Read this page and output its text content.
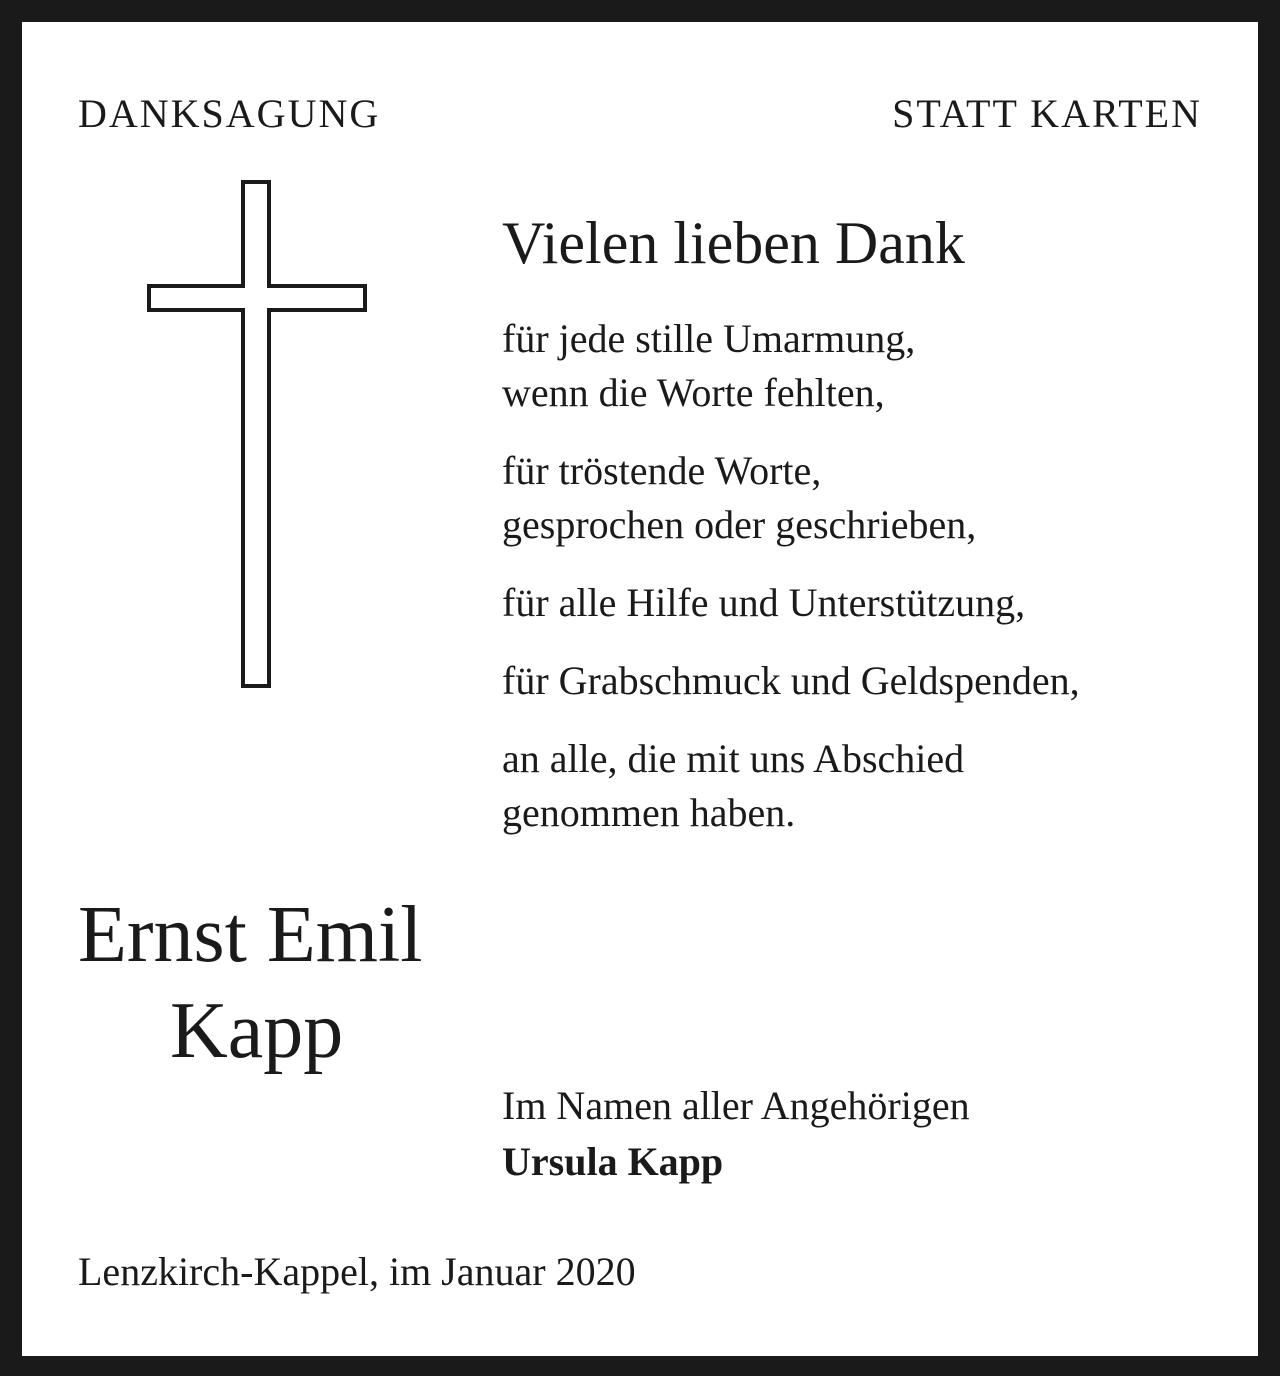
DANKSAGUNG	STATT KARTEN
Vielen lieben Dank
für jede stille Umarmung,
wenn die Worte fehlten,
für tröstende Worte,
gesprochen oder geschrieben,
für alle Hilfe und Unterstützung,
für Grabschmuck und Geldspenden,
an alle, die mit uns Abschied
genommen haben.
Ernst Emil
Kapp
Im Namen aller Angehörigen
Ursula Kapp
Lenzkirch-Kappel, im Januar 2020
